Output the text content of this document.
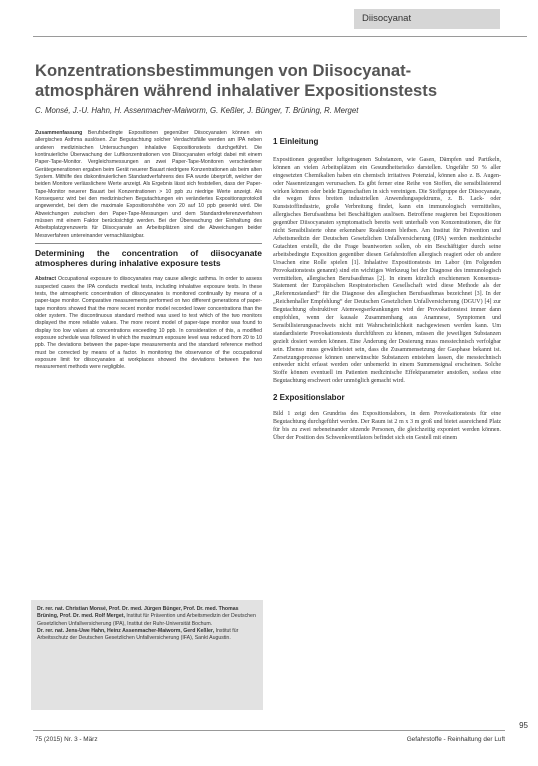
Diisocyanat
Konzentrationsbestimmungen von Diisocyanat-
atmosphären während inhalativer Expositionstests
C. Monsé, J.-U. Hahn, H. Assenmacher-Maiworm, G. Keßler, J. Bünger, T. Brüning, R. Merget

Zusammenfassung Berufsbedingte Expositionen gegenüber Diisocyanaten können ein allergisches Asthma auslösen. Zur Begutachtung solcher Verdachtsfälle werden am IPA neben anderen medizinischen Untersuchungen inhalative Expositionstests durchgeführt. Die kontinuierliche Überwachung der Luftkonzentrationen von Diisocyanaten erfolgt dabei mit einem Paper-Tape-Monitor. Vergleichsmessungen an zwei Paper-Tape-Monitoren verschiedener Gerätegenerationen ergaben beim Gerät neuerer Bauart niedrigere Konzentrationen als beim alten System. Mithilfe des diskontinuierlichen Standardverfahrens des IFA wurde überprüft, welcher der beiden Monitore verlässlichere Werte anzeigt. Als Ergebnis lässt sich feststellen, dass der Paper-Tape-Monitor neuerer Bauart bei Konzentrationen > 10 ppb zu niedrige Werte anzeigt. Als Konsequenz wird bei den medizinischen Begutachtungen ein verändertes Expositionsprotokoll angewendet, bei dem die maximale Expositionshöhe von 20 auf 10 ppb gesenkt wird. Die Abweichungen zwischen den Paper-Tape-Messungen und dem Standardreferenzverfahren müssen mit einem Faktor berücksichtigt werden. Bei der Überwachung der Einhaltung des Arbeitsplatzgrenzwerts für Diisocyanate an Arbeitsplätzen sind die Abweichungen beider Messverfahren untereinander vernachlässigbar.

Determining the concentration of diisocyanate atmospheres during inhalative exposure tests

Abstract Occupational exposure to diisocyanates may cause allergic asthma. In order to assess suspected cases the IPA conducts medical tests, including inhalative exposure tests. In these tests, the atmospheric concentration of diisocyanates is monitored continually by means of a paper-tape monitor. Comparative measurements performed on two different generations of paper-tape monitors showed that the more recent monitor model recorded lower concentrations than the older system. The discontinuous standard method was used to test which of the two monitors displayed the more reliable values. The more recent model of paper-tape monitor was found to display too low values at concentrations exceeding 10 ppb. In consideration of this, a modified exposure schedule was followed in which the maximum exposure level was reduced from 20 to 10 ppb. The deviations between the paper-tape measurements and the standard reference method must be corrected by means of a factor. In monitoring the observance of the occupational exposure limit for diisocyanates at workplaces showed the deviations between the two measurement methods were negligible.

Dr. rer. nat. Christian Monsé, Prof. Dr. med. Jürgen Bünger, Prof. Dr. med. Thomas Brüning, Prof. Dr. med. Rolf Merget, Institut für Prävention und Arbeitsmedizin der Deutschen Gesetzlichen Unfallversicherung (IPA), Institut der Ruhr-Universität Bochum.
Dr. rer. nat. Jens-Uwe Hahn, Heinz Assenmacher-Maiworm, Gerd Keßler, Institut für Arbeitsschutz der Deutschen Gesetzlichen Unfallversicherung (IFA), Sankt Augustin.
1 Einleitung

Expositionen gegenüber luftgetragenen Substanzen, wie Gasen, Dämpfen und Partikeln, können an vielen Arbeitsplätzen ein Gesundheitsrisiko darstellen. Ungefähr 50 % aller eingesetzten Chemikalien haben ein chemisch irritatives Potenzial, können also z. B. Augen- oder Nasenreizungen verursachen. Es gibt ferner eine Reihe von Stoffen, die sensibilisierend wirken können oder beide Eigenschaften in sich vereinigen. Die Stoffgruppe der Diisocyanate, die wegen ihres breiten industriellen Anwendungsspektrums, z. B. Lack- oder Kunststoffindustrie, große Verbreitung findet, kann ein immunologisch vermitteltes, allergisches Berufsasthma bei Beschäftigten auslösen. Betroffene reagieren bei Expositionen gegenüber Diisocyanaten symptomatisch bereits weit unterhalb von Konzentrationen, die für nicht Sensibilisierte ohne erkennbare Reaktionen bleiben. Am Institut für Prävention und Arbeitsmedizin der Deutschen Gesetzlichen Unfallversicherung (IPA) werden medizinische Gutachten erstellt, die die Frage beantworten sollen, ob ein Beschäftigter durch seine arbeitsbedingte Exposition gegenüber diesen Gefahrstoffen allergisch reagiert oder ob andere Ursachen eine Rolle spielen [1]. Inhalative Expositionstests im Labor (im Folgenden Provokationstests genannt) sind ein wichtiges Werkzeug bei der Diagnose des immunologisch vermittelten, allergischen Berufsasthmas [2]. In einem kürzlich erschienenen Konsensus-Statement der Europäischen Respiratorischen Gesellschaft wird diese Methode als der „Referenzstandard“ für die Diagnose des allergischen Berufsasthmas bezeichnet [3]. In der „Reichenhaller Empfehlung“ der Deutschen Gesetzlichen Unfallversicherung (DGUV) [4] zur Begutachtung obstruktiver Atemwegserkrankungen wird der Provokationstest immer dann empfohlen, wenn der kausale Zusammenhang aus Anamnese, Symptomen und Sensibilisierungsnachweis nicht mit Wahrscheinlichkeit nachgewiesen werden kann. Um standardisierte Provokationstests durchführen zu können, müssen die jeweiligen Substanzen gezielt dosiert werden können. Eine Änderung der Dosierung muss messtechnisch verfolgbar sein. Ebenso muss gewährleistet sein, dass die Zusammensetzung der Gasphase bekannt ist. Zersetzungsprozesse können unerwünschte Substanzen entstehen lassen, die messtechnisch entweder nicht erfasst werden oder unbemerkt in einem Summensignal erscheinen. Solche Stoffe können eventuell im Patienten medizinische Effektparameter anstoßen, sodass eine Begutachtung erschwert oder unmöglich gemacht wird.

2 Expositionslabor

Bild 1 zeigt den Grundriss des Expositionslabors, in dem Provokationstests für eine Begutachtung durchgeführt werden. Der Raum ist 2 m x 3 m groß und bietet ausreichend Platz für bis zu zwei nebeneinander sitzende Personen, die gleichzeitig exponiert werden können. Über der Position des Schwenkventilators befindet sich ein Gestell mit einem

95
75 (2015) Nr. 3 - März	Gefahrstoffe - Reinhaltung der Luft
